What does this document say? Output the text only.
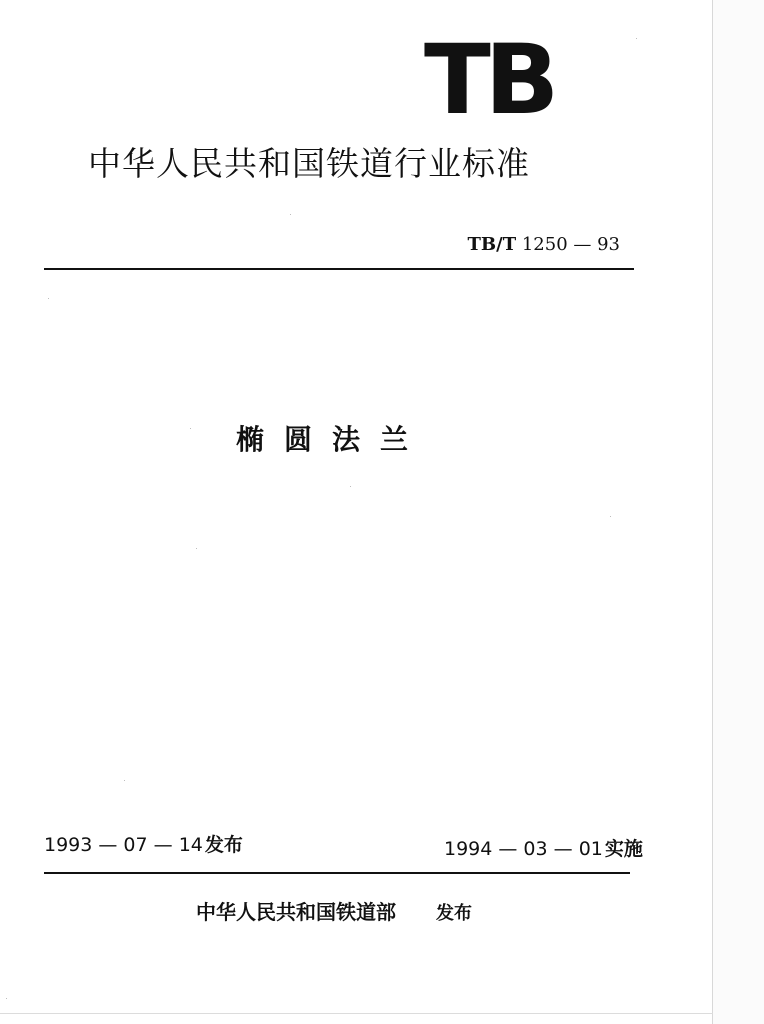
TB
中华人民共和国铁道行业标准
TB/T 1250 — 93
椭圆法兰
1993 — 07 — 14 发布	1994 — 03 — 01 实施
中华人民共和国铁道部 发布
